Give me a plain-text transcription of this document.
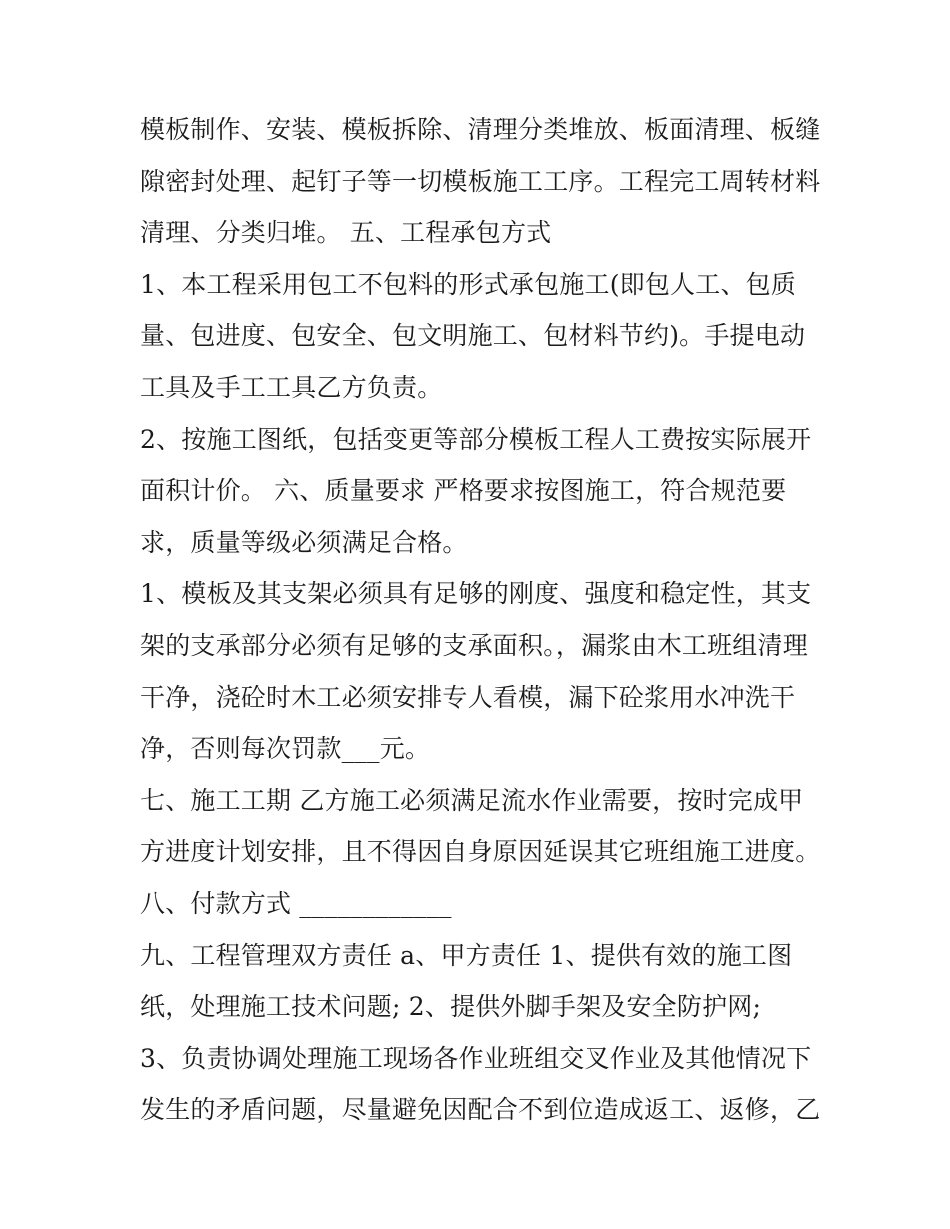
模板制作、安装、模板拆除、清理分类堆放、板面清理、板缝
隙密封处理、起钉子等一切模板施工工序。工程完工周转材料
清理、分类归堆。 五、工程承包方式
1、本工程采用包工不包料的形式承包施工(即包人工、包质
量、包进度、包安全、包文明施工、包材料节约)。手提电动
工具及手工工具乙方负责。
2、按施工图纸，包括变更等部分模板工程人工费按实际展开
面积计价。 六、质量要求 严格要求按图施工，符合规范要
求，质量等级必须满足合格。
1、模板及其支架必须具有足够的刚度、强度和稳定性，其支
架的支承部分必须有足够的支承面积。，漏浆由木工班组清理
干净，浇砼时木工必须安排专人看模，漏下砼浆用水冲洗干
净，否则每次罚款___元。
七、施工工期 乙方施工必须满足流水作业需要，按时完成甲
方进度计划安排，且不得因自身原因延误其它班组施工进度。
八、付款方式 ____________
九、工程管理双方责任 a、甲方责任 1、提供有效的施工图
纸，处理施工技术问题; 2、提供外脚手架及安全防护网;
3、负责协调处理施工现场各作业班组交叉作业及其他情况下
发生的矛盾问题，尽量避免因配合不到位造成返工、返修，乙
